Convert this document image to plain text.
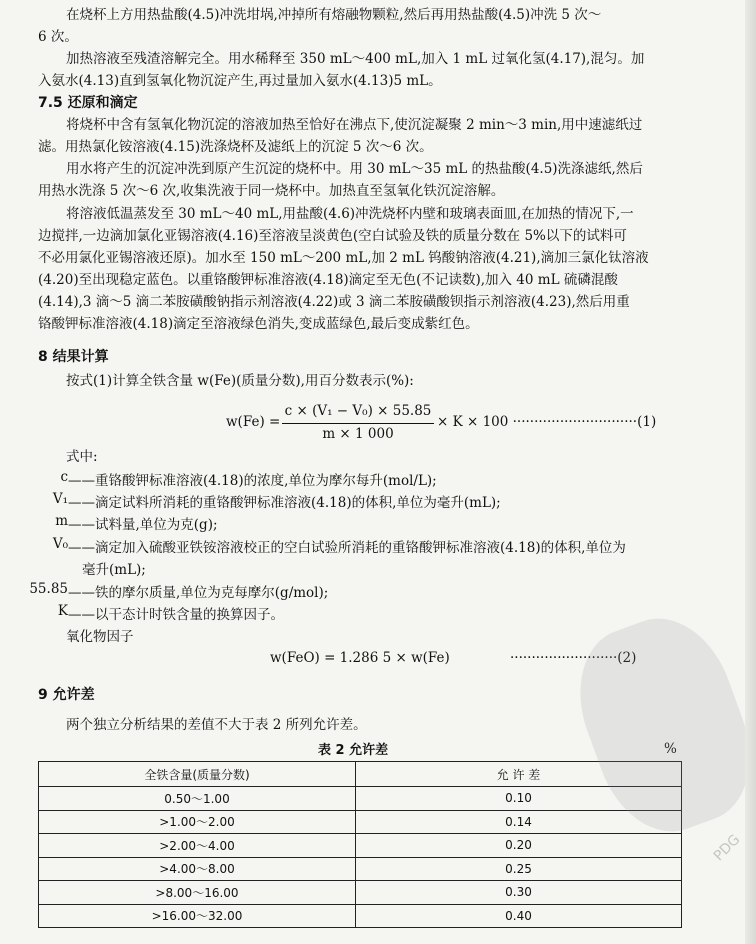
在烧杯上方用热盐酸(4.5)冲洗坩埚,冲掉所有熔融物颗粒,然后再用热盐酸(4.5)冲洗 5 次～
6 次。
加热溶液至残渣溶解完全。用水稀释至 350 mL～400 mL,加入 1 mL 过氧化氢(4.17),混匀。加
入氨水(4.13)直到氢氧化物沉淀产生,再过量加入氨水(4.13)5 mL。
7.5 还原和滴定
将烧杯中含有氢氧化物沉淀的溶液加热至恰好在沸点下,使沉淀凝聚 2 min～3 min,用中速滤纸过
滤。用热氯化铵溶液(4.15)洗涤烧杯及滤纸上的沉淀 5 次～6 次。
用水将产生的沉淀冲洗到原产生沉淀的烧杯中。用 30 mL～35 mL 的热盐酸(4.5)洗涤滤纸,然后
用热水洗涤 5 次～6 次,收集洗液于同一烧杯中。加热直至氢氧化铁沉淀溶解。
将溶液低温蒸发至 30 mL～40 mL,用盐酸(4.6)冲洗烧杯内壁和玻璃表面皿,在加热的情况下,一
边搅拌,一边滴加氯化亚锡溶液(4.16)至溶液呈淡黄色(空白试验及铁的质量分数在 5%以下的试料可
不必用氯化亚锡溶液还原)。加水至 150 mL～200 mL,加 2 mL 钨酸钠溶液(4.21),滴加三氯化钛溶液
(4.20)至出现稳定蓝色。以重铬酸钾标准溶液(4.18)滴定至无色(不记读数),加入 40 mL 硫磷混酸
(4.14),3 滴～5 滴二苯胺磺酸钠指示剂溶液(4.22)或 3 滴二苯胺磺酸钡指示剂溶液(4.23),然后用重
铬酸钾标准溶液(4.18)滴定至溶液绿色消失,变成蓝绿色,最后变成紫红色。
8 结果计算
按式(1)计算全铁含量 w(Fe)(质量分数),用百分数表示(%):
w(Fe) =
c × (V₁ − V₀) × 55.85
m × 1 000
× K × 100 ·····························(1)
式中:
c ——重铬酸钾标准溶液(4.18)的浓度,单位为摩尔每升(mol/L);
V₁ ——滴定试料所消耗的重铬酸钾标准溶液(4.18)的体积,单位为毫升(mL);
m ——试料量,单位为克(g);
V₀ ——滴定加入硫酸亚铁铵溶液校正的空白试验所消耗的重铬酸钾标准溶液(4.18)的体积,单位为
毫升(mL);
55.85 ——铁的摩尔质量,单位为克每摩尔(g/mol);
K ——以干态计时铁含量的换算因子。
氧化物因子
w(FeO) = 1.286 5 × w(Fe)	·························(2)
9 允许差
两个独立分析结果的差值不大于表 2 所列允许差。
表 2 允许差	%
全铁含量(质量分数)	允 许 差
0.50～1.00	0.10
>1.00～2.00	0.14
>2.00～4.00	0.20
>4.00～8.00	0.25
>8.00～16.00	0.30
>16.00～32.00	0.40
PDG
